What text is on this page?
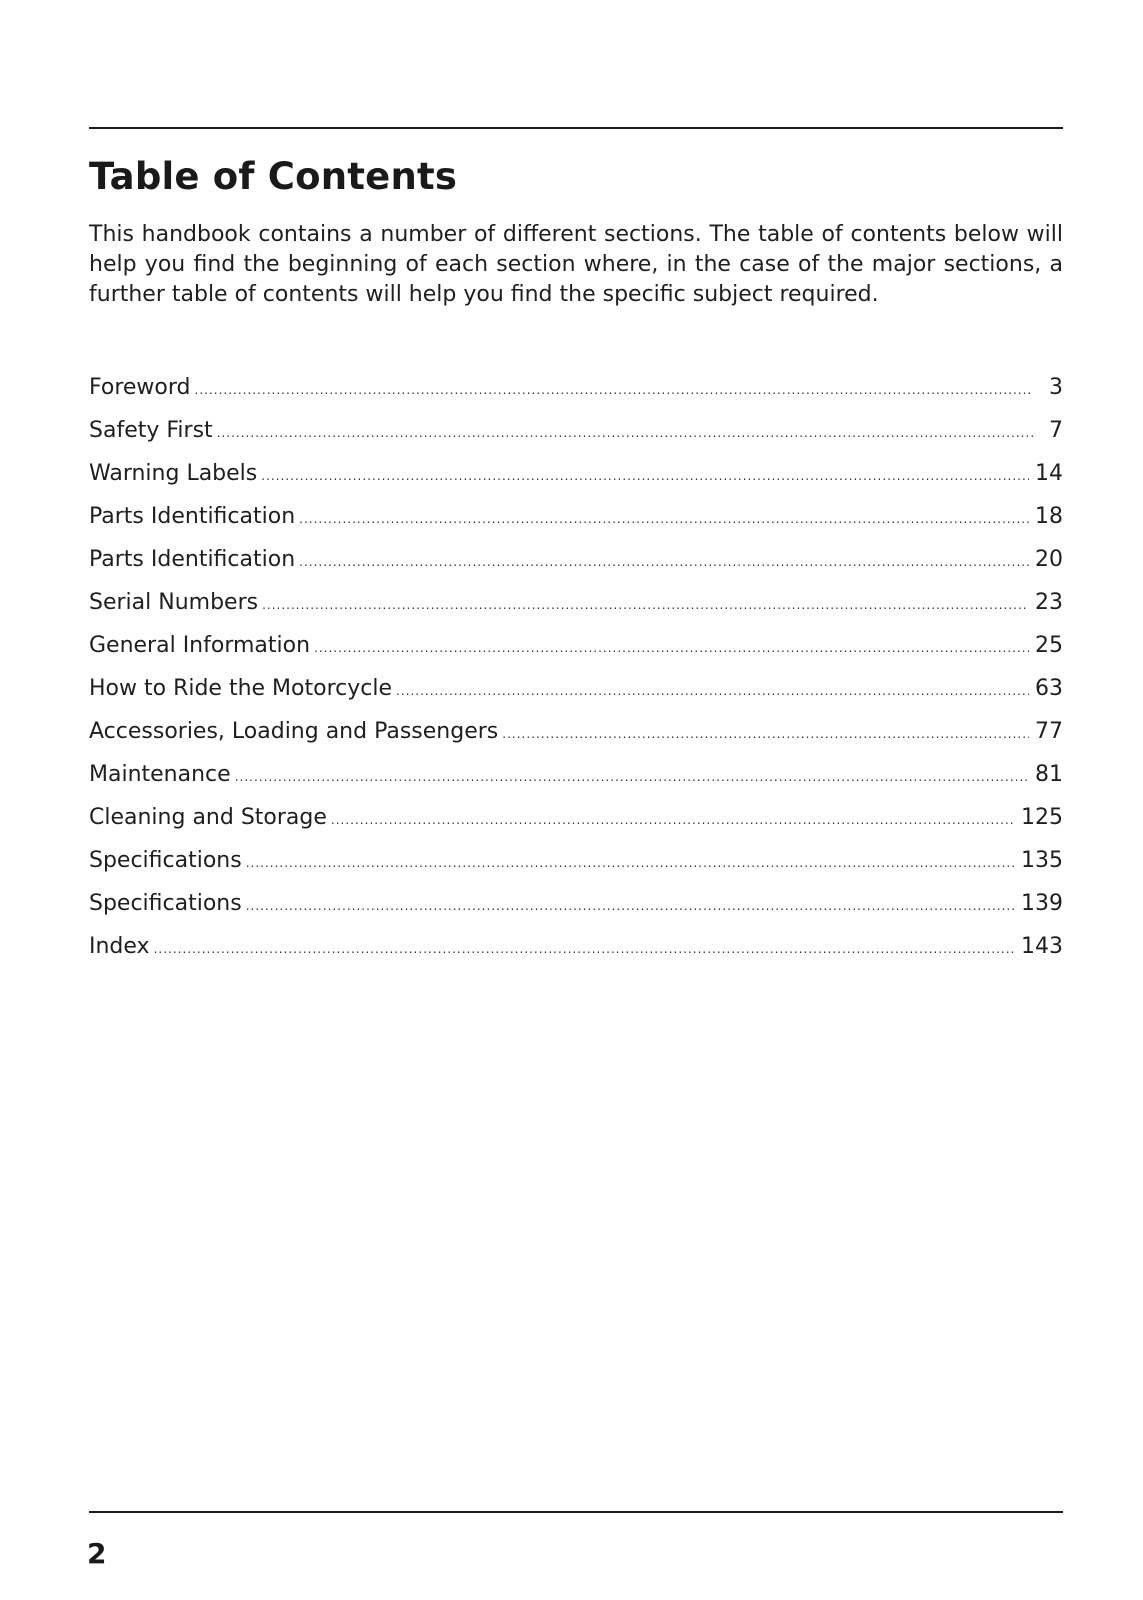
Table of Contents

This handbook contains a number of different sections. The table of contents below will help you find the beginning of each section where, in the case of the major sections, a further table of contents will help you find the specific subject required.

Foreword .....	3
Safety First .....	7
Warning Labels .....	14
Parts Identification .....	18
Parts Identification .....	20
Serial Numbers .....	23
General Information .....	25
How to Ride the Motorcycle .....	63
Accessories, Loading and Passengers .....	77
Maintenance .....	81
Cleaning and Storage .....	125
Specifications .....	135
Specifications .....	139
Index .....	143
2
